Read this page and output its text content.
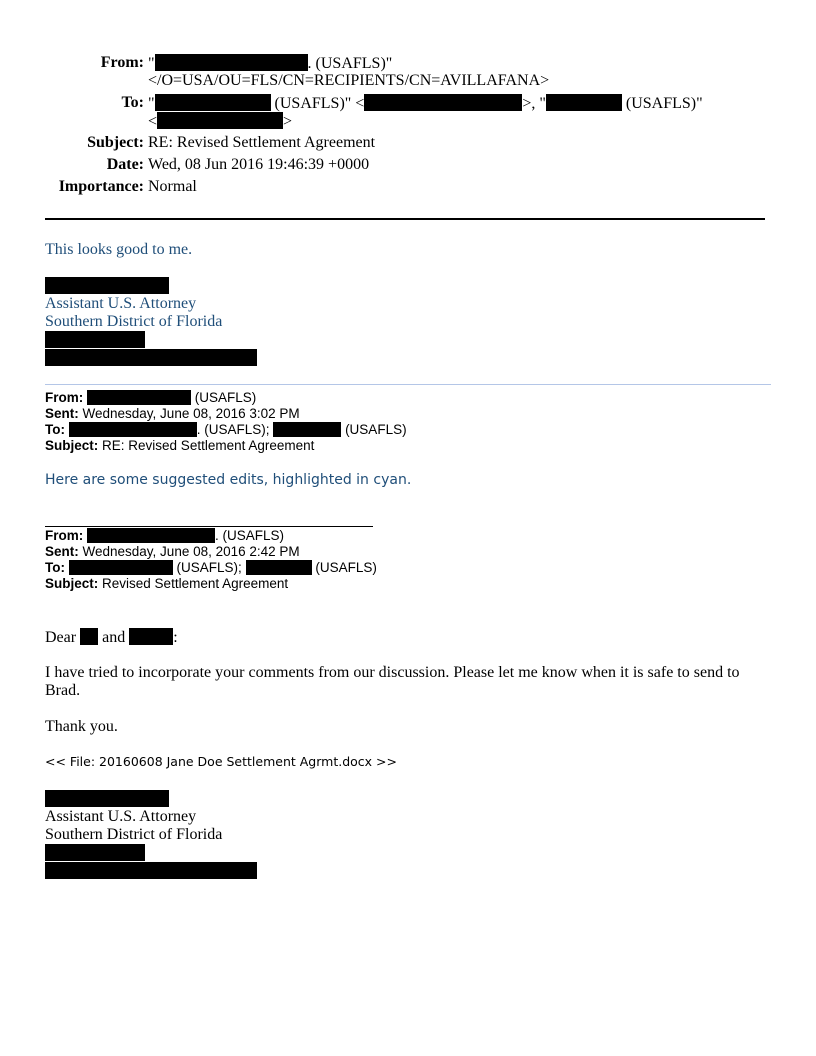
From: "	. (USAFLS)"
</O=USA/OU=FLS/CN=RECIPIENTS/CN=AVILLAFANA>
To: "	(USAFLS)" <	>, "	(USAFLS)"
<	>
Subject: RE: Revised Settlement Agreement
Date: Wed, 08 Jun 2016 19:46:39 +0000
Importance: Normal
This looks good to me.
Assistant U.S. Attorney
Southern District of Florida
From:	(USAFLS)
Sent: Wednesday, June 08, 2016 3:02 PM
To:	. (USAFLS);	(USAFLS)
Subject: RE: Revised Settlement Agreement
Here are some suggested edits, highlighted in cyan.
From:	. (USAFLS)
Sent: Wednesday, June 08, 2016 2:42 PM
To:	(USAFLS);	(USAFLS)
Subject: Revised Settlement Agreement
Dear and	:
I have tried to incorporate your comments from our discussion. Please let me know when it is safe to send to
Brad.
Thank you.
<< File: 20160608 Jane Doe Settlement Agrmt.docx >>
Assistant U.S. Attorney
Southern District of Florida
